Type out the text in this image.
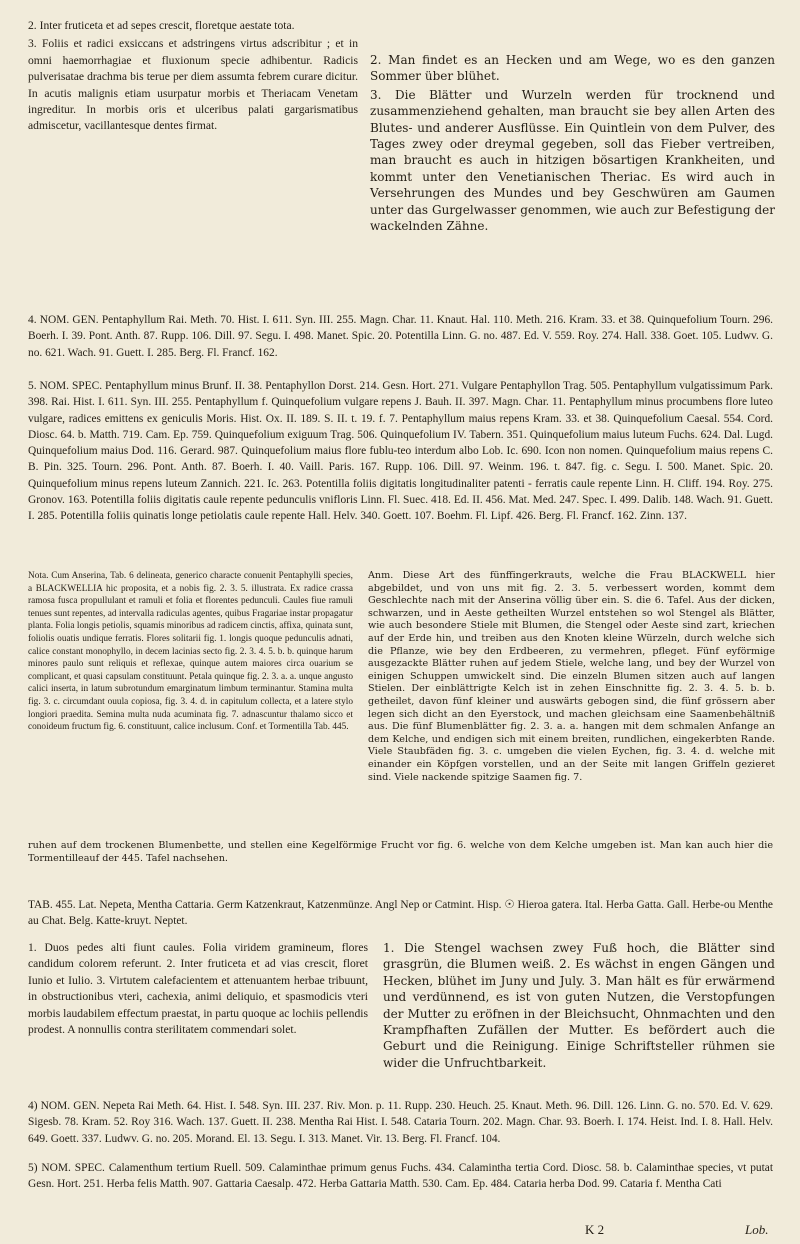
2. Inter fruticeta et ad sepes crescit, floretque aestate tota.

3. Foliis et radici exsiccans et adstringens virtus adscribitur ; et in omni haemorrhagiae et fluxionum specie adhibentur. Radicis pulverisatae drachma bis terue per diem assumta febrem curare dicitur. In acutis malignis etiam usurpatur morbis et Theriacam Venetam ingreditur. In morbis oris et ulceribus palati gargarismatibus admiscetur, vacillantesque dentes firmat.

2. Man findet es an Hecken und am Wege, wo es den ganzen Sommer über blühet.

3. Die Blätter und Wurzeln werden für trocknend und zusammenziehend gehalten, man braucht sie bey allen Arten des Blutes- und anderer Ausflüsse. Ein Quintlein von dem Pulver, des Tages zwey oder dreymal gegeben, soll das Fieber vertreiben, man braucht es auch in hitzigen bösartigen Krankheiten, und kommt unter den Venetianischen Theriac. Es wird auch in Versehrungen des Mundes und bey Geschwüren am Gaumen unter das Gurgelwasser genommen, wie auch zur Befestigung der wackelnden Zähne.

4. NOM. GEN. Pentaphyllum Rai. Meth. 70. Hist. I. 611. Syn. III. 255. Magn. Char. 11. Knaut. Hal. 110. Meth. 216. Kram. 33. et 38. Quinquefolium Tourn. 296. Boerh. I. 39. Pont. Anth. 87. Rupp. 106. Dill. 97. Segu. I. 498. Manet. Spic. 20. Potentilla Linn. G. no. 487. Ed. V. 559. Roy. 274. Hall. 338. Goet. 105. Ludwv. G. no. 621. Wach. 91. Guett. I. 285. Berg. Fl. Francf. 162.

5. NOM. SPEC. Pentaphyllum minus Brunf. II. 38. Pentaphyllon Dorst. 214. Gesn. Hort. 271. Vulgare Pentaphyllon Trag. 505. Pentaphyllum vulgatissimum Park. 398. Rai. Hist. I. 611. Syn. III. 255. Pentaphyllum f. Quinquefolium vulgare repens J. Bauh. II. 397. Magn. Char. 11. Pentaphyllum minus procumbens flore luteo vulgare, radices emittens ex geniculis Moris. Hist. Ox. II. 189. S. II. t. 19. f. 7. Pentaphyllum maius repens Kram. 33. et 38. Quinquefolium Caesal. 554. Cord. Diosc. 64. b. Matth. 719. Cam. Ep. 759. Quinquefolium exiguum Trag. 506. Quinquefolium IV. Tabern. 351. Quinquefolium maius luteum Fuchs. 624. Dal. Lugd. Quinquefolium maius Dod. 116. Gerard. 987. Quinquefolium maius flore fublu-teo interdum albo Lob. Ic. 690. Icon non nomen. Quinquefolium maius repens C. B. Pin. 325. Tourn. 296. Pont. Anth. 87. Boerh. I. 40. Vaill. Paris. 167. Rupp. 106. Dill. 97. Weinm. 196. t. 847. fig. c. Segu. I. 500. Manet. Spic. 20. Quinquefolium minus repens luteum Zannich. 221. Ic. 263. Potentilla foliis digitatis longitudinaliter patenti - ferratis caule repente Linn. H. Cliff. 194. Roy. 275. Gronov. 163. Potentilla foliis digitatis caule repente pedunculis vnifloris Linn. Fl. Suec. 418. Ed. II. 456. Mat. Med. 247. Spec. I. 499. Dalib. 148. Wach. 91. Guett. I. 285. Potentilla foliis quinatis longe petiolatis caule repente Hall. Helv. 340. Goett. 107. Boehm. Fl. Lipf. 426. Berg. Fl. Francf. 162. Zinn. 137.

Nota. Cum Anserina, Tab. 6 delineata, generico characte conuenit Pentaphylli species, a BLACKWELLIA hic proposita, et a nobis fig. 2. 3. 5. illustrata. Ex radice crassa ramosa fusca propullulant et ramuli et folia et florentes pedunculi. Caules fiue ramuli tenues sunt repentes, ad intervalla radiculas agentes, quibus Fragariae instar propagatur planta. Folia longis petiolis, squamis minoribus ad radicem cinctis, affixa, quinata sunt, foliolis ouatis undique ferratis. Flores solitarii fig. 1. longis quoque pedunculis adnati, calice constant monophyllo, in decem lacinias secto fig. 2. 3. 4. 5. b. b. quinque harum minores paulo sunt reliquis et reflexae, quinque autem maiores circa ouarium se complicant, et quasi capsulam constituunt. Petala quinque fig. 2. 3. a. a. unque angusto calici inserta, in latum subrotundum emarginatum limbum terminantur. Stamina multa fig. 3. c. circumdant ouula copiosa, fig. 3. 4. d. in capitulum collecta, et a latere stylo longiori praedita. Semina multa nuda acuminata fig. 7. adnascuntur thalamo sicco et conoideum fructum fig. 6. constituunt, calice inclusum. Conf. et Tormentilla Tab. 445.

Anm. Diese Art des fünffingerkrauts, welche die Frau BLACKWELL hier abgebildet, und von uns mit fig. 2. 3. 5. verbessert worden, kommt dem Geschlechte nach mit der Anserina völlig über ein. S. die 6. Tafel. Aus der dicken, schwarzen, und in Aeste getheilten Wurzel entstehen so wol Stengel als Blätter, wie auch besondere Stiele mit Blumen, die Stengel oder Aeste sind zart, kriechen auf der Erde hin, und treiben aus den Knoten kleine Würzeln, durch welche sich die Pflanze, wie bey den Erdbeeren, zu vermehren, pfleget. Fünf eyförmige ausgezackte Blätter ruhen auf jedem Stiele, welche lang, und bey der Wurzel von einigen Schuppen umwickelt sind. Die einzeln Blumen sitzen auch auf langen Stielen. Der einblättrigte Kelch ist in zehen Einschnitte fig. 2. 3. 4. 5. b. b. getheilet, davon fünf kleiner und auswärts gebogen sind, die fünf grössern aber legen sich dicht an den Eyerstock, und machen gleichsam eine Saamenbehältniß aus. Die fünf Blumenblätter fig. 2. 3. a. a. hangen mit dem schmalen Anfange an dem Kelche, und endigen sich mit einem breiten, rundlichen, eingekerbten Rande. Viele Staubfäden fig. 3. c. umgeben die vielen Eychen, fig. 3. 4. d. welche mit einander ein Köpfgen vorstellen, und an der Seite mit langen Griffeln gezieret sind. Viele nackende spitzige Saamen fig. 7.

ruhen auf dem trockenen Blumenbette, und stellen eine Kegelförmige Frucht vor fig. 6. welche von dem Kelche umgeben ist. Man kan auch hier die Tormentilleauf der 445. Tafel nachsehen.

TAB. 455. Lat. Nepeta, Mentha Cattaria. Germ Katzenkraut, Katzenmünze. Angl Nep or Catmint. Hisp. ☉ Hieroa gatera. Ital. Herba Gatta. Gall. Herbe-ou Menthe au Chat. Belg. Katte-kruyt. Neptet.

1. Duos pedes alti fiunt caules. Folia viridem gramineum, flores candidum colorem referunt. 2. Inter fruticeta et ad vias crescit, floret Iunio et Iulio. 3. Virtutem calefacientem et attenuantem herbae tribuunt, in obstructionibus vteri, cachexia, animi deliquio, et spasmodicis vteri morbis laudabilem effectum praestat, in partu quoque ac lochiis pellendis prodest. A nonnullis contra sterilitatem commendari solet.

1. Die Stengel wachsen zwey Fuß hoch, die Blätter sind grasgrün, die Blumen weiß. 2. Es wächst in engen Gängen und Hecken, blühet im Juny und July. 3. Man hält es für erwärmend und verdünnend, es ist von guten Nutzen, die Verstopfungen der Mutter zu eröfnen in der Bleichsucht, Ohnmachten und den Krampfhaften Zufällen der Mutter. Es befördert auch die Geburt und die Reinigung. Einige Schriftsteller rühmen sie wider die Unfruchtbarkeit.

4) NOM. GEN. Nepeta Rai Meth. 64. Hist. I. 548. Syn. III. 237. Riv. Mon. p. 11. Rupp. 230. Heuch. 25. Knaut. Meth. 96. Dill. 126. Linn. G. no. 570. Ed. V. 629. Sigesb. 78. Kram. 52. Roy 316. Wach. 137. Guett. II. 238. Mentha Rai Hist. I. 548. Cataria Tourn. 202. Magn. Char. 93. Boerh. I. 174. Heist. Ind. I. 8. Hall. Helv. 649. Goett. 337. Ludwv. G. no. 205. Morand. El. 13. Segu. I. 313. Manet. Vir. 13. Berg. Fl. Francf. 104.

5) NOM. SPEC. Calamenthum tertium Ruell. 509. Calaminthae primum genus Fuchs. 434. Calamintha tertia Cord. Diosc. 58. b. Calaminthae species, vt putat Gesn. Hort. 251. Herba felis Matth. 907. Gattaria Caesalp. 472. Herba Gattaria Matth. 530. Cam. Ep. 484. Cataria herba Dod. 99. Cataria f. Mentha Cati

K 2	Lob.
